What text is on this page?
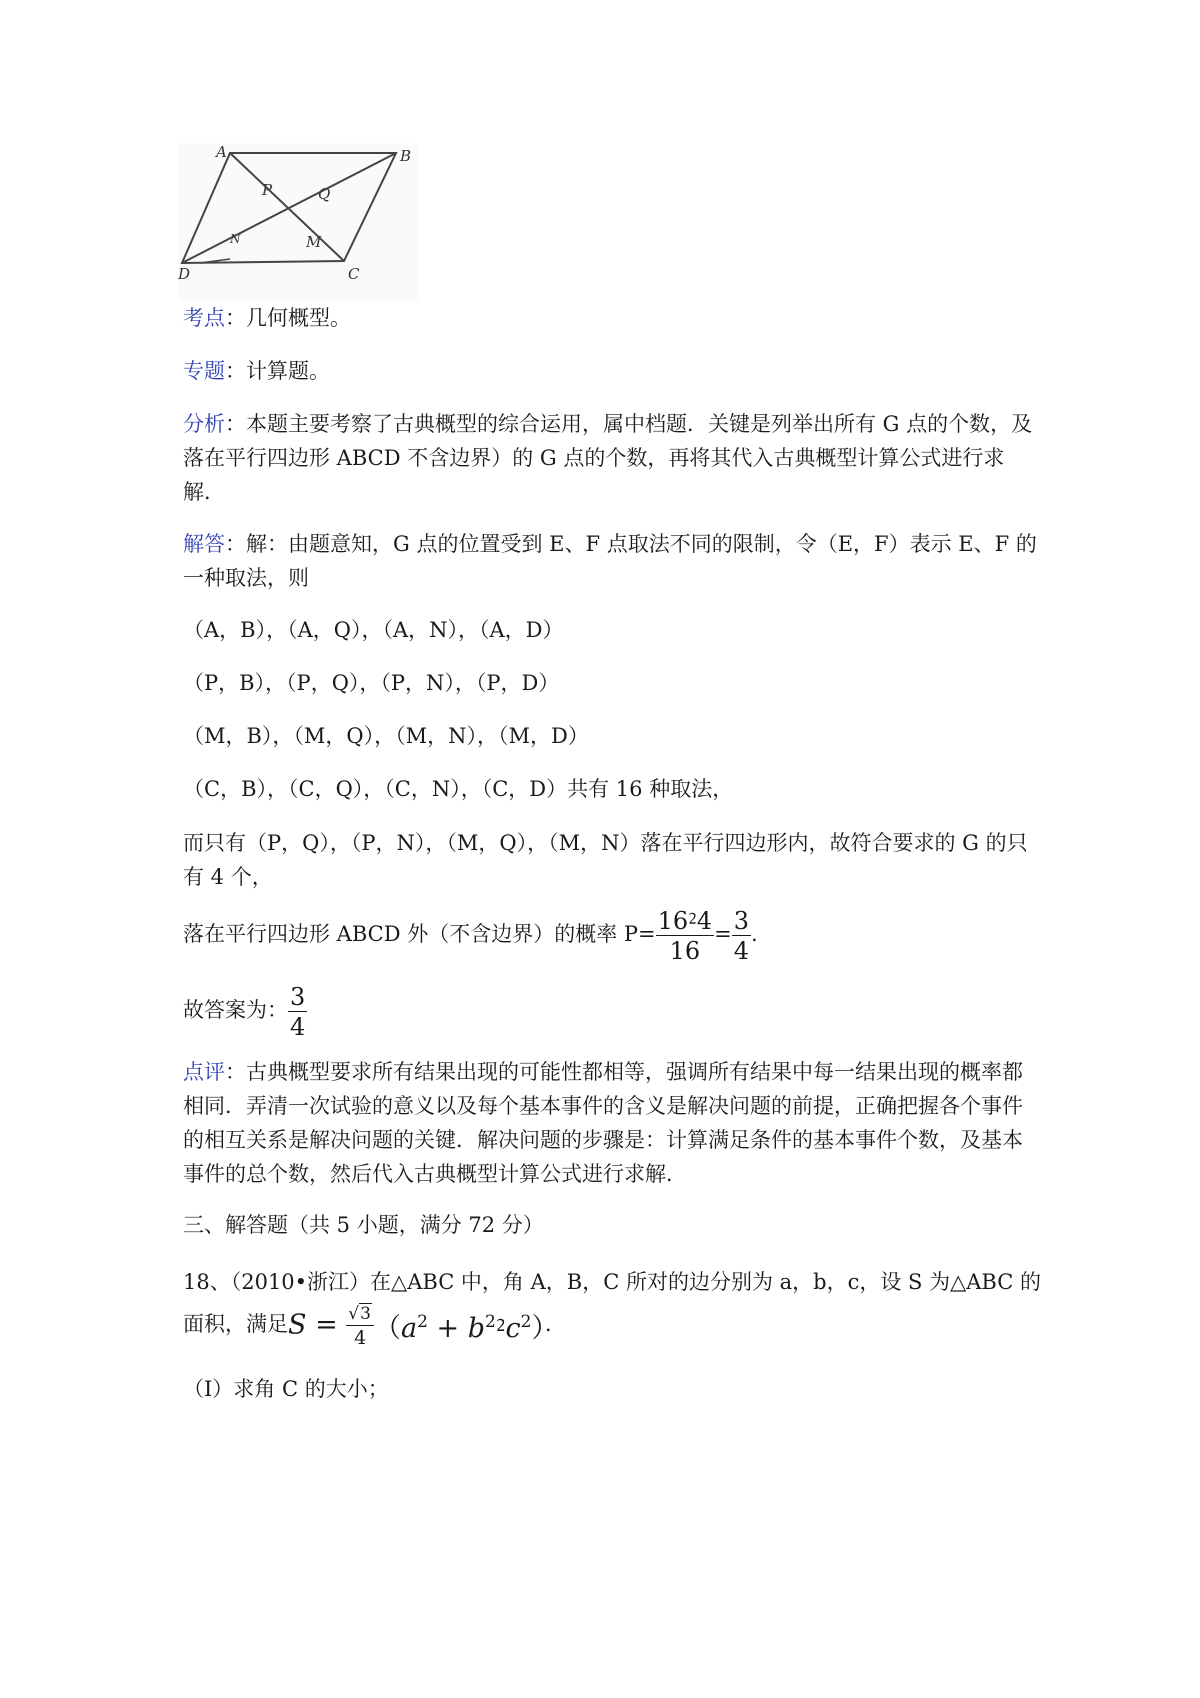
A	B
C
D
P	Q
M
N
考点：几何概型。
专题：计算题。
分析：本题主要考察了古典概型的综合运用，属中档题．关键是列举出所有 G 点的个数，及落在平行四边形 ABCD 不含边界）的 G 点的个数，再将其代入古典概型计算公式进行求解．
解答：解：由题意知，G 点的位置受到 E、F 点取法不同的限制，令（E，F）表示 E、F 的一种取法，则
（A，B），（A，Q），（A，N），（A，D）
（P，B），（P，Q），（P，N），（P，D）
（M，B），（M，Q），（M，N），（M，D）
（C，B），（C，Q），（C，N），（C，D）共有 16 种取法，
而只有（P，Q），（P，N），（M，Q），（M，N）落在平行四边形内，故符合要求的 G 的只有 4 个，
落在平行四边形 ABCD 外（不含边界）的概率 $P= \frac{16⁲4}{16} = \frac{3}{4}$ .
故答案为： $\frac{3}{4}$
点评：古典概型要求所有结果出现的可能性都相等，强调所有结果中每一结果出现的概率都相同．弄清一次试验的意义以及每个基本事件的含义是解决问题的前提，正确把握各个事件的相互关系是解决问题的关键．解决问题的步骤是：计算满足条件的基本事件个数，及基本事件的总个数，然后代入古典概型计算公式进行求解．
三、解答题（共 5 小题，满分 72 分）
18、（2010•浙江）在△ABC 中，角 A，B，C 所对的边分别为 a，b，c，设 S 为△ABC 的面积，满足$S = \frac{√3}{4} (a^2$ + $b^2⁲c^2$）．
（Ⅰ）求角 C 的大小；
